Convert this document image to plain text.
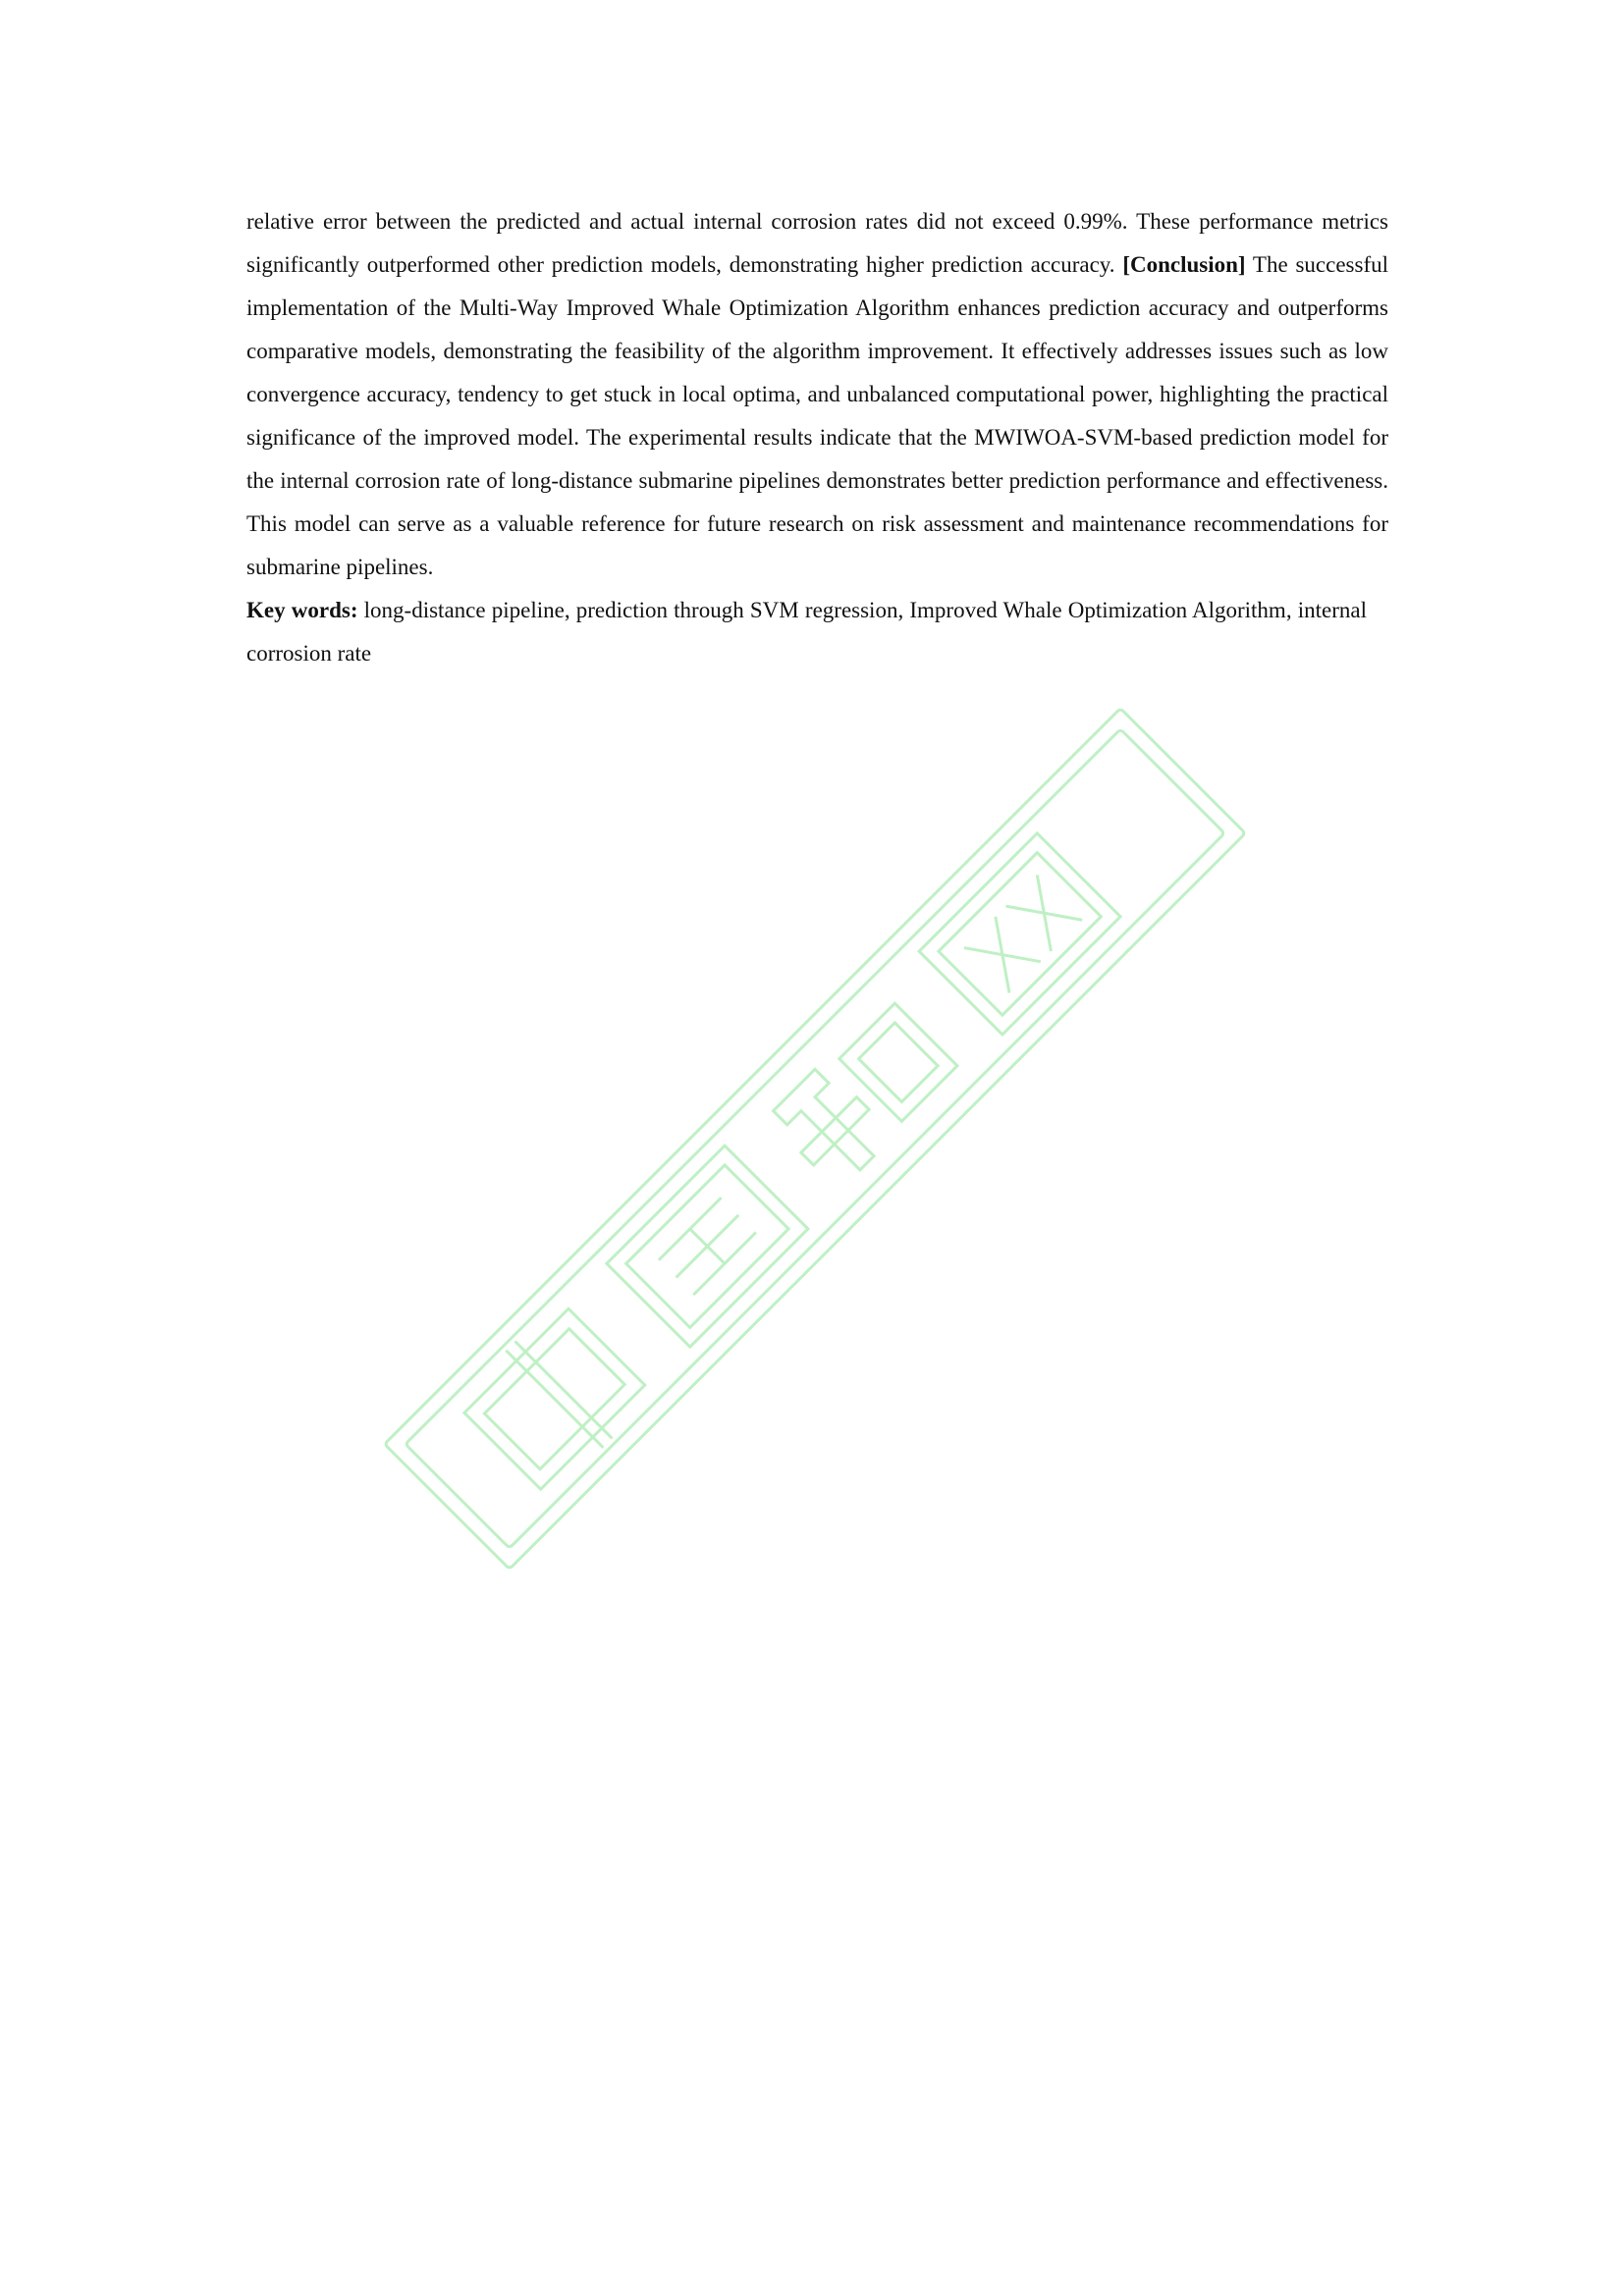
relative error between the predicted and actual internal corrosion rates did not exceed 0.99%. These performance metrics significantly outperformed other prediction models, demonstrating higher prediction accuracy. [Conclusion] The successful implementation of the Multi-Way Improved Whale Optimization Algorithm enhances prediction accuracy and outperforms comparative models, demonstrating the feasibility of the algorithm improvement. It effectively addresses issues such as low convergence accuracy, tendency to get stuck in local optima, and unbalanced computational power, highlighting the practical significance of the improved model. The experimental results indicate that the MWIWOA-SVM-based prediction model for the internal corrosion rate of long-distance submarine pipelines demonstrates better prediction performance and effectiveness. This model can serve as a valuable reference for future research on risk assessment and maintenance recommendations for submarine pipelines.

Key words: long-distance pipeline, prediction through SVM regression, Improved Whale Optimization Algorithm, internal corrosion rate
